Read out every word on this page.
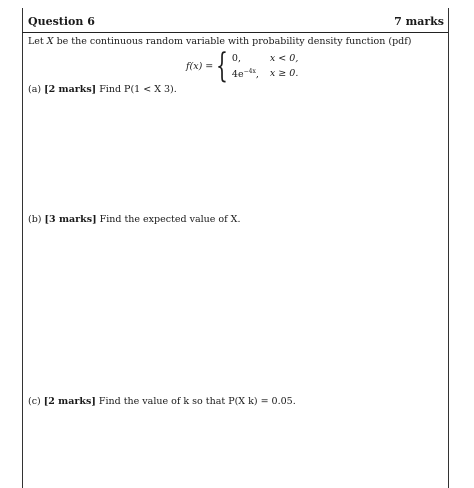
Question 6	7 marks
Let X be the continuous random variable with probability density function (pdf)
f(x) = { 0,	x < 0,
$4e^{-4x}$,	x ≥ 0.
(a) [2 marks] Find P(1 < X 3).
(b) [3 marks] Find the expected value of X.
(c) [2 marks] Find the value of k so that P(X k) = 0.05.
